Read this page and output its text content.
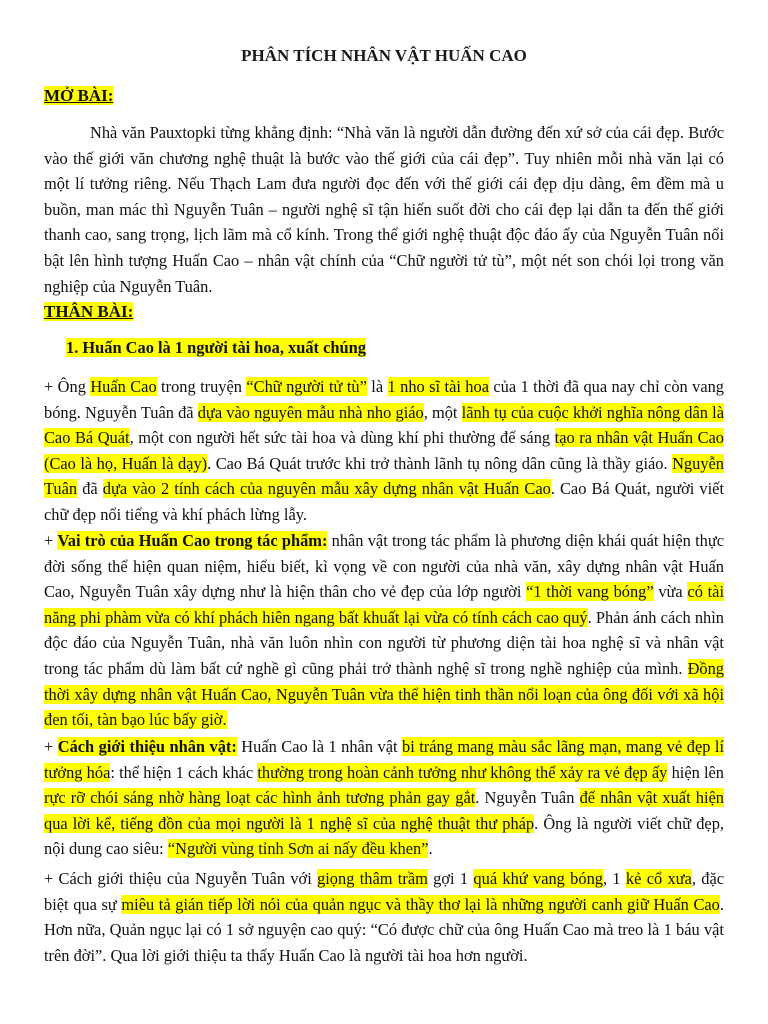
PHÂN TÍCH NHÂN VẬT HUẤN CAO
MỞ BÀI:

Nhà văn Pauxtopki từng khẳng định: “Nhà văn là người dẫn đường đến xứ sở của cái đẹp. Bước vào thế giới văn chương nghệ thuật là bước vào thế giới của cái đẹp”. Tuy nhiên mỗi nhà văn lại có một lí tưởng riêng. Nếu Thạch Lam đưa người đọc đến với thế giới cái đẹp dịu dàng, êm đềm mà u buồn, man mác thì Nguyễn Tuân – người nghệ sĩ tận hiến suốt đời cho cái đẹp lại dẫn ta đến thế giới thanh cao, sang trọng, lịch lãm mà cổ kính. Trong thế giới nghệ thuật độc đáo ấy của Nguyễn Tuân nổi bật lên hình tượng Huấn Cao – nhân vật chính của “Chữ người tử tù”, một nét son chói lọi trong văn nghiệp của Nguyễn Tuân.

THÂN BÀI:
1. Huấn Cao là 1 người tài hoa, xuất chúng

+ Ông Huấn Cao trong truyện “Chữ người tử tù” là 1 nho sĩ tài hoa của 1 thời đã qua nay chỉ còn vang bóng. Nguyễn Tuân đã dựa vào nguyên mẫu nhà nho giáo, một lãnh tụ của cuộc khởi nghĩa nông dân là Cao Bá Quát, một con người hết sức tài hoa và dùng khí phi thường để sáng tạo ra nhân vật Huấn Cao (Cao là họ, Huấn là dạy). Cao Bá Quát trước khi trở thành lãnh tụ nông dân cũng là thầy giáo. Nguyễn Tuân đã dựa vào 2 tính cách của nguyên mẫu xây dựng nhân vật Huấn Cao. Cao Bá Quát, người viết chữ đẹp nổi tiếng và khí phách lừng lẫy.

+ Vai trò của Huấn Cao trong tác phẩm: nhân vật trong tác phẩm là phương diện khái quát hiện thực đời sống thể hiện quan niệm, hiểu biết, kì vọng về con người của nhà văn, xây dựng nhân vật Huấn Cao, Nguyễn Tuân xây dựng như là hiện thân cho vẻ đẹp của lớp người “1 thời vang bóng” vừa có tài năng phi phàm vừa có khí phách hiên ngang bất khuất lại vừa có tính cách cao quý. Phản ánh cách nhìn độc đáo của Nguyễn Tuân, nhà văn luôn nhìn con người từ phương diện tài hoa nghệ sĩ và nhân vật trong tác phẩm dù làm bất cứ nghề gì cũng phải trở thành nghệ sĩ trong nghề nghiệp của mình. Đồng thời xây dựng nhân vật Huấn Cao, Nguyễn Tuân vừa thể hiện tinh thần nổi loạn của ông đối với xã hội đen tối, tàn bạo lúc bấy giờ.

+ Cách giới thiệu nhân vật: Huấn Cao là 1 nhân vật bi tráng mang màu sắc lãng mạn, mang vẻ đẹp lí tưởng hóa: thể hiện 1 cách khác thường trong hoàn cảnh tưởng như không thể xảy ra vẻ đẹp ấy hiện lên rực rỡ chói sáng nhờ hàng loạt các hình ảnh tương phản gay gắt. Nguyễn Tuân để nhân vật xuất hiện qua lời kể, tiếng đồn của mọi người là 1 nghệ sĩ của nghệ thuật thư pháp. Ông là người viết chữ đẹp, nội dung cao siêu: “Người vùng tỉnh Sơn ai nấy đều khen”.

+ Cách giới thiệu của Nguyễn Tuân với giọng thâm trầm gợi 1 quá khứ vang bóng, 1 kẻ cổ xưa, đặc biệt qua sự miêu tả gián tiếp lời nói của quản ngục và thầy thơ lại là những người canh giữ Huấn Cao. Hơn nữa, Quản ngục lại có 1 sở nguyện cao quý: “Có được chữ của ông Huấn Cao mà treo là 1 báu vật trên đời”. Qua lời giới thiệu ta thấy Huấn Cao là người tài hoa hơn người.
